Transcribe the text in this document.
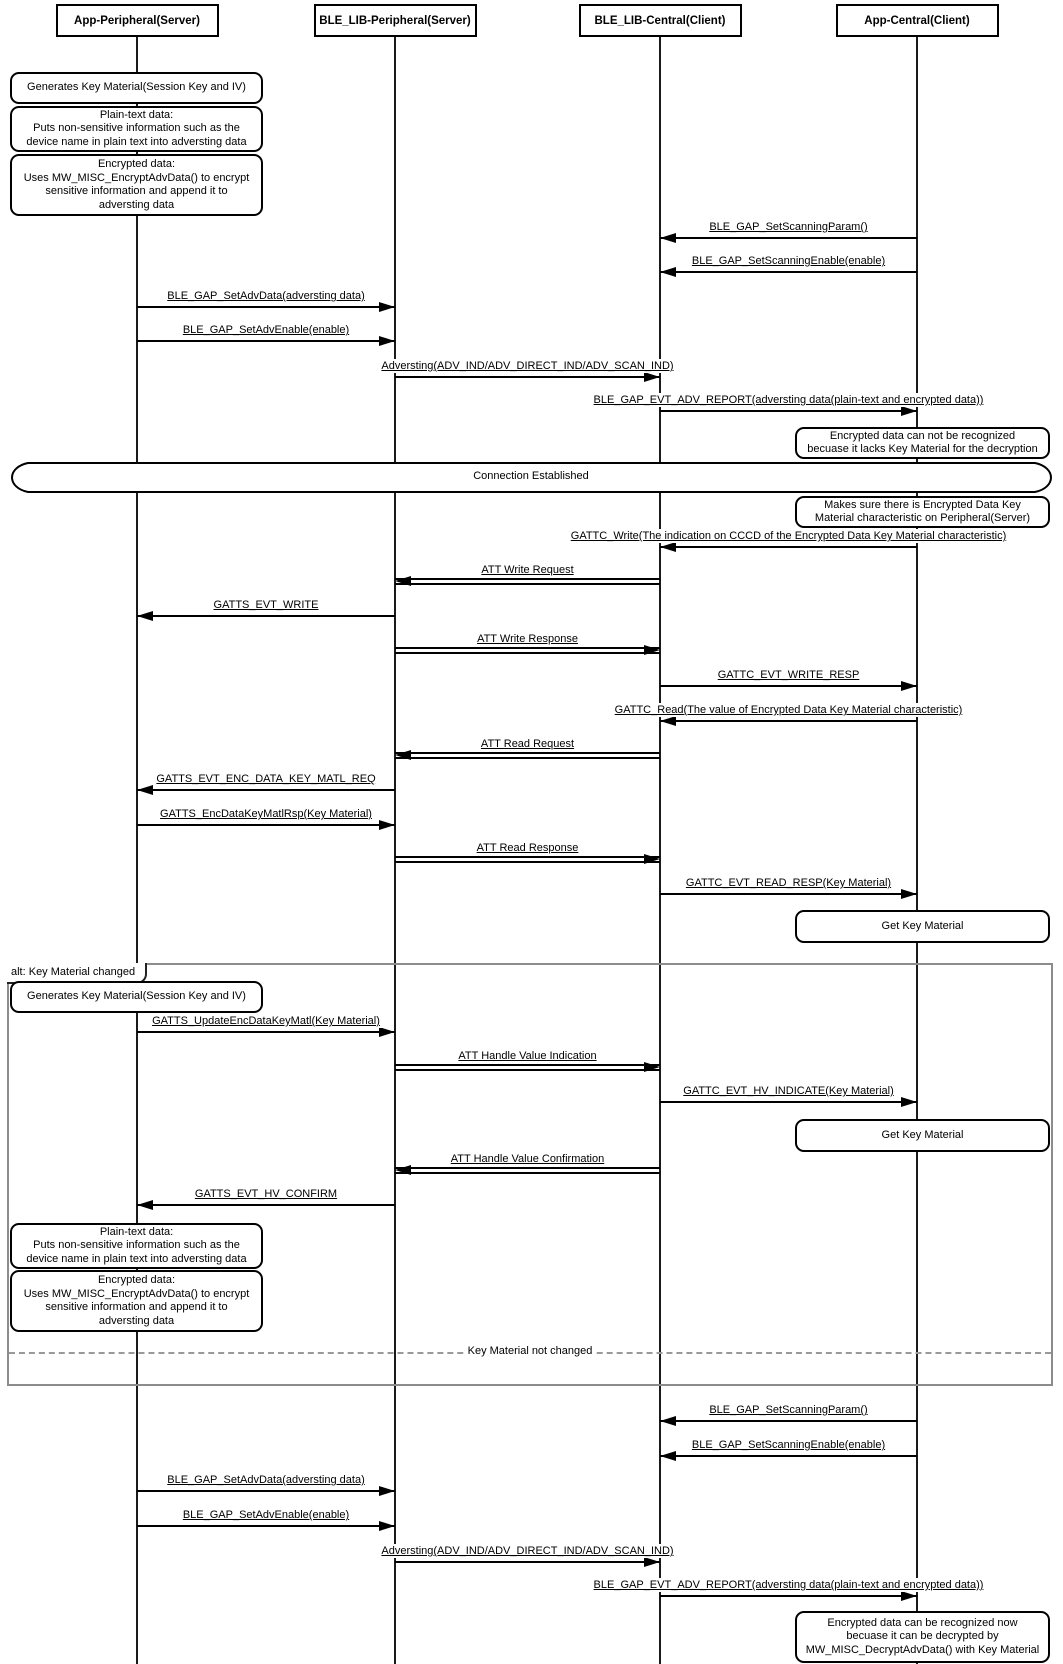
Connection Established
alt: Key Material changed
Key Material not changed
App-Peripheral(Server)	BLE_LIB-Peripheral(Server)	BLE_LIB-Central(Client)	App-Central(Client)
BLE_GAP_SetScanningParam()
BLE_GAP_SetScanningEnable(enable)
BLE_GAP_SetAdvData(adversting data)
BLE_GAP_SetAdvEnable(enable)
Adversting(ADV_IND/ADV_DIRECT_IND/ADV_SCAN_IND)
BLE_GAP_EVT_ADV_REPORT(adversting data(plain-text and encrypted data))
GATTC_Write(The indication on CCCD of the Encrypted Data Key Material characteristic)
ATT Write Request
GATTS_EVT_WRITE
ATT Write Response
GATTC_EVT_WRITE_RESP
GATTC_Read(The value of Encrypted Data Key Material characteristic)
ATT Read Request
GATTS_EVT_ENC_DATA_KEY_MATL_REQ
GATTS_EncDataKeyMatlRsp(Key Material)
ATT Read Response
GATTC_EVT_READ_RESP(Key Material)
GATTS_UpdateEncDataKeyMatl(Key Material)
ATT Handle Value Indication
GATTC_EVT_HV_INDICATE(Key Material)
ATT Handle Value Confirmation
GATTS_EVT_HV_CONFIRM
BLE_GAP_SetScanningParam()
BLE_GAP_SetScanningEnable(enable)
BLE_GAP_SetAdvData(adversting data)
BLE_GAP_SetAdvEnable(enable)
Adversting(ADV_IND/ADV_DIRECT_IND/ADV_SCAN_IND)
BLE_GAP_EVT_ADV_REPORT(adversting data(plain-text and encrypted data))
Generates Key Material(Session Key and IV)
Plain-text data:
Puts non-sensitive information such as the
device name in plain text into adversting data
Encrypted data:
Uses MW_MISC_EncryptAdvData() to encrypt
sensitive information and append it to
adversting data
Encrypted data can not be recognized
becuase it lacks Key Material for the decryption
Makes sure there is Encrypted Data Key
Material characteristic on Peripheral(Server)
Get Key Material
Generates Key Material(Session Key and IV)
Get Key Material
Plain-text data:
Puts non-sensitive information such as the
device name in plain text into adversting data
Encrypted data:
Uses MW_MISC_EncryptAdvData() to encrypt
sensitive information and append it to
adversting data
Encrypted data can be recognized now
becuase it can be decrypted by
MW_MISC_DecryptAdvData() with Key Material
